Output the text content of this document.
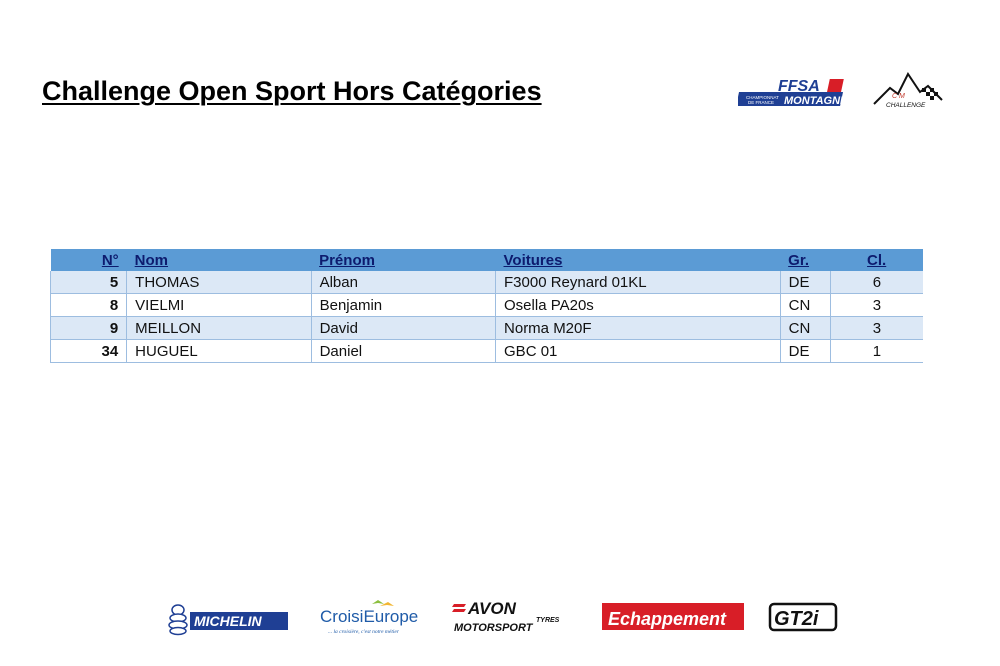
Challenge Open Sport Hors Catégories	FFSA
CHAMPIONNAT
DE FRANCE MONTAGNE	C M
CHALLENGE
N°	Nom	Prénom	Voitures	Gr.	Cl.
5	THOMAS	Alban	F3000 Reynard 01KL	DE	6
8	VIELMI	Benjamin	Osella PA20s	CN	3
9	MEILLON	David	Norma M20F	CN	3
34	HUGUEL	Daniel	GBC 01	DE	1
MICHELIN	CroisiEurope
... la croisière, c'est notre métier
AVON
TYRES
MOTORSPORT	Echappement GT2i
